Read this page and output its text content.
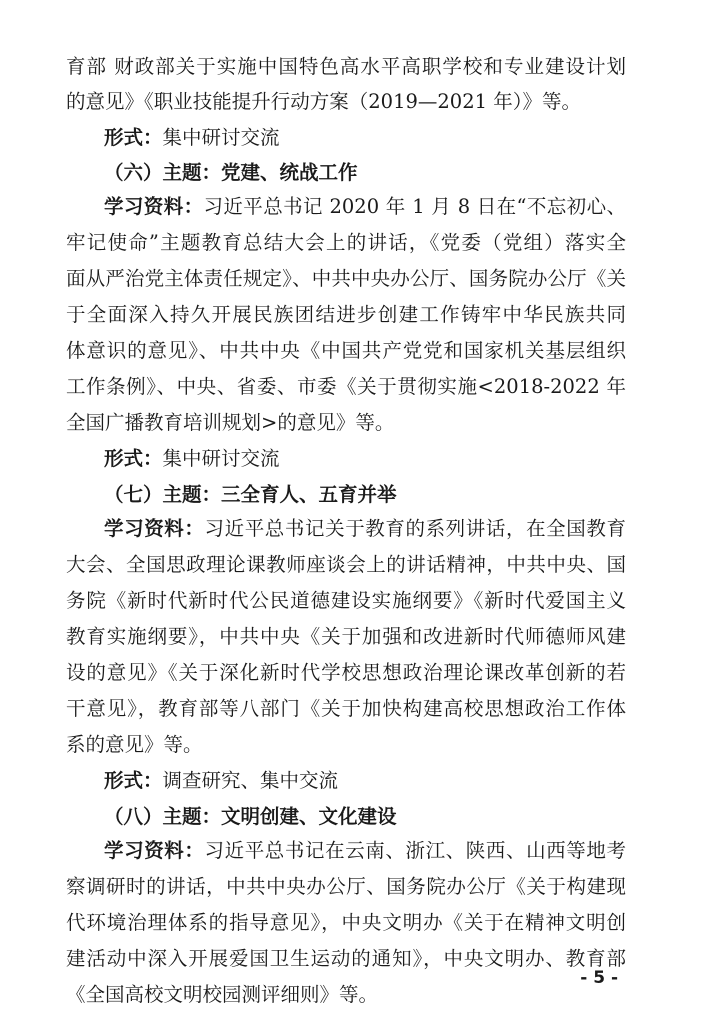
育部 财政部关于实施中国特色高水平高职学校和专业建设计划
的意见》《职业技能提升行动方案（2019—2021 年）》等。
形式：集中研讨交流
（六）主题：党建、统战工作
学习资料：习近平总书记 2020 年 1 月 8 日在“不忘初心、
牢记使命”主题教育总结大会上的讲话，《党委（党组）落实全
面从严治党主体责任规定》、中共中央办公厅、国务院办公厅《关
于全面深入持久开展民族团结进步创建工作铸牢中华民族共同
体意识的意见》、中共中央《中国共产党党和国家机关基层组织
工作条例》、中央、省委、市委《关于贯彻实施<2018-2022 年
全国广播教育培训规划>的意见》等。
形式：集中研讨交流
（七）主题：三全育人、五育并举
学习资料：习近平总书记关于教育的系列讲话，在全国教育
大会、全国思政理论课教师座谈会上的讲话精神，中共中央、国
务院《新时代新时代公民道德建设实施纲要》《新时代爱国主义
教育实施纲要》，中共中央《关于加强和改进新时代师德师风建
设的意见》《关于深化新时代学校思想政治理论课改革创新的若
干意见》，教育部等八部门《关于加快构建高校思想政治工作体
系的意见》等。
形式：调查研究、集中交流
（八）主题：文明创建、文化建设
学习资料：习近平总书记在云南、浙江、陕西、山西等地考
察调研时的讲话，中共中央办公厅、国务院办公厅《关于构建现
代环境治理体系的指导意见》，中央文明办《关于在精神文明创
建活动中深入开展爱国卫生运动的通知》，中央文明办、教育部
《全国高校文明校园测评细则》等。
- 5 -
